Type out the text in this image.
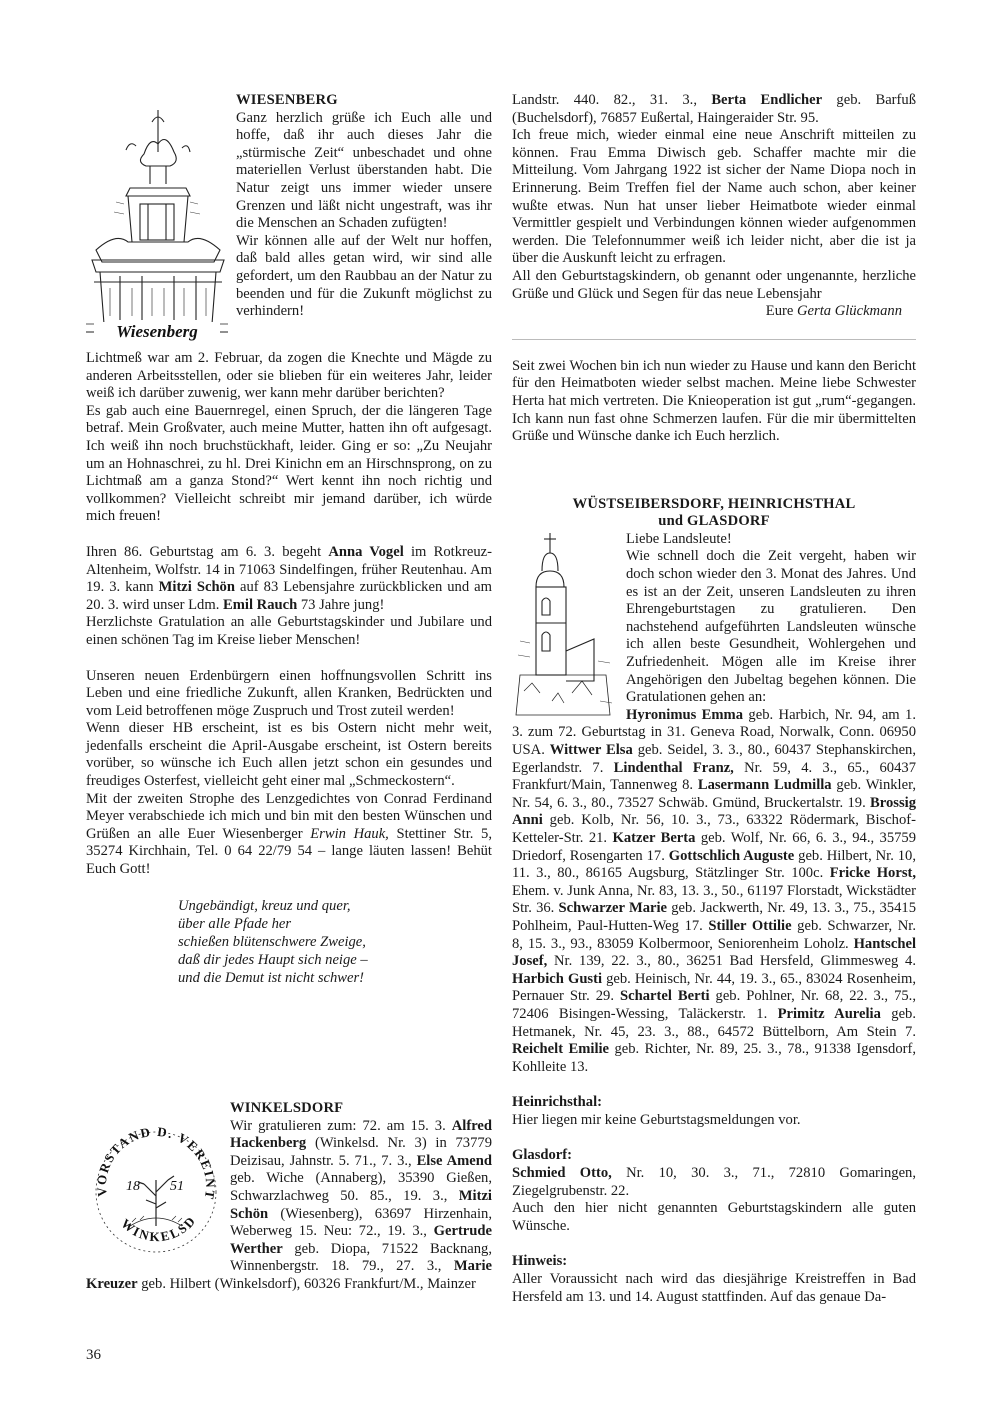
Wiesenberg

WIESENBERG

Ganz herzlich grüße ich Euch alle und hoffe, daß ihr auch dieses Jahr die „stürmische Zeit“ unbeschadet und ohne materiellen Verlust überstanden habt. Die Natur zeigt uns immer wieder unsere Grenzen und läßt nicht ungestraft, was ihr die Menschen an Schaden zufügten!

Wir können alle auf der Welt nur hoffen, daß bald alles getan wird, wir sind alle gefordert, um den Raubbau an der Natur zu beenden und für die Zukunft möglichst zu verhindern!

Lichtmeß war am 2. Februar, da zogen die Knechte und Mägde zu anderen Arbeitsstellen, oder sie blieben für ein weiteres Jahr, leider weiß ich darüber zuwenig, wer kann mehr darüber berichten?

Es gab auch eine Bauernregel, einen Spruch, der die längeren Tage betraf. Mein Großvater, auch meine Mutter, hatten ihn oft aufgesagt. Ich weiß ihn noch bruchstückhaft, leider. Ging er so: „Zu Neujahr um an Hohnaschrei, zu hl. Drei Kinichn em an Hirschnsprong, on zu Lichtmaß am a ganza Stond?“ Wert kennt ihn noch richtig und vollkommen? Vielleicht schreibt mir jemand darüber, ich würde mich freuen!

Ihren 86. Geburtstag am 6. 3. begeht Anna Vogel im Rotkreuz-Altenheim, Wolfstr. 14 in 71063 Sindelfingen, früher Reutenhau. Am 19. 3. kann Mitzi Schön auf 83 Lebensjahre zurückblicken und am 20. 3. wird unser Ldm. Emil Rauch 73 Jahre jung!

Herzlichste Gratulation an alle Geburtstagskinder und Jubilare und einen schönen Tag im Kreise lieber Menschen!

Unseren neuen Erdenbürgern einen hoffnungsvollen Schritt ins Leben und eine friedliche Zukunft, allen Kranken, Bedrückten und vom Leid betroffenen möge Zuspruch und Trost zuteil werden!

Wenn dieser HB erscheint, ist es bis Ostern nicht mehr weit, jedenfalls erscheint die April-Ausgabe erscheint, ist Ostern bereits vorüber, so wünsche ich Euch allen jetzt schon ein gesundes und freudiges Osterfest, vielleicht geht einer mal „Schmeckostern“.

Mit der zweiten Strophe des Lenzgedichtes von Conrad Ferdinand Meyer verabschiede ich mich und bin mit den besten Wünschen und Grüßen an alle Euer Wiesenberger Erwin Hauk, Stettiner Str. 5, 35274 Kirchhain, Tel. 0 64 22/79 54 – lange läuten lassen! Behüt Euch Gott!

Ungebändigt, kreuz und quer,

über alle Pfade her

schießen blütenschwere Zweige,

daß dir jedes Haupt sich neige –

und die Demut ist nicht schwer!

VORSTAND D. VEREINT
WINKELSD
18 51

WINKELSDORF

Wir gratulieren zum: 72. am 15. 3. Alfred Hackenberg (Winkelsd. Nr. 3) in 73779 Deizisau, Jahnstr. 5. 71., 7. 3., Else Amend geb. Wiche (Annaberg), 35390 Gießen, Schwarzlachweg 50. 85., 19. 3., Mitzi Schön (Wiesenberg), 63697 Hirzenhain, Weberweg 15. Neu: 72., 19. 3., Gertrude Werther geb. Diopa, 71522 Backnang, Winnenbergstr. 18. 79., 27. 3., Marie Kreuzer geb. Hilbert (Winkelsdorf), 60326 Frankfurt/M., Mainzer

36

Landstr. 440. 82., 31. 3., Berta Endlicher geb. Barfuß (Buchelsdorf), 76857 Eußertal, Haingeraider Str. 95.

Ich freue mich, wieder einmal eine neue Anschrift mitteilen zu können. Frau Emma Diwisch geb. Schaffer machte mir die Mitteilung. Vom Jahrgang 1922 ist sicher der Name Diopa noch in Erinnerung. Beim Treffen fiel der Name auch schon, aber keiner wußte etwas. Nun hat unser lieber Heimatbote wieder einmal Vermittler gespielt und Verbindungen können wieder aufgenommen werden. Die Telefonnummer weiß ich leider nicht, aber die ist ja über die Auskunft leicht zu erfragen.

All den Geburtstagskindern, ob genannt oder ungenannte, herzliche Grüße und Glück und Segen für das neue Lebensjahr

Eure Gerta Glückmann

Seit zwei Wochen bin ich nun wieder zu Hause und kann den Bericht für den Heimatboten wieder selbst machen. Meine liebe Schwester Herta hat mich vertreten. Die Knieoperation ist gut „rum“-gegangen. Ich kann nun fast ohne Schmerzen laufen. Für die mir übermittelten Grüße und Wünsche danke ich Euch herzlich.

WÜSTSEIBERSDORF, HEINRICHSTHAL

und GLASDORF

Liebe Landsleute!

Wie schnell doch die Zeit vergeht, haben wir doch schon wieder den 3. Monat des Jahres. Und es ist an der Zeit, unseren Landsleuten zu ihren Ehrengeburtstagen zu gratulieren. Den nachstehend aufgeführten Landsleuten wünsche ich allen beste Gesundheit, Wohlergehen und Zufriedenheit. Mögen alle im Kreise ihrer Angehörigen den Jubeltag begehen können. Die Gratulationen gehen an:

Hyronimus Emma geb. Harbich, Nr. 94, am 1. 3. zum 72. Geburtstag in 31. Geneva Road, Norwalk, Conn. 06950 USA. Wittwer Elsa geb. Seidel, 3. 3., 80., 60437 Stephanskirchen, Egerlandstr. 7. Lindenthal Franz, Nr. 59, 4. 3., 65., 60437 Frankfurt/Main, Tannenweg 8. Lasermann Ludmilla geb. Winkler, Nr. 54, 6. 3., 80., 73527 Schwäb. Gmünd, Bruckertalstr. 19. Brossig Anni geb. Kolb, Nr. 56, 10. 3., 73., 63322 Rödermark, Bischof-Ketteler-Str. 21. Katzer Berta geb. Wolf, Nr. 66, 6. 3., 94., 35759 Driedorf, Rosengarten 17. Gottschlich Auguste geb. Hilbert, Nr. 10, 11. 3., 80., 86165 Augsburg, Stätzlinger Str. 100c. Fricke Horst, Ehem. v. Junk Anna, Nr. 83, 13. 3., 50., 61197 Florstadt, Wickstädter Str. 36. Schwarzer Marie geb. Jackwerth, Nr. 49, 13. 3., 75., 35415 Pohlheim, Paul-Hutten-Weg 17. Stiller Ottilie geb. Schwarzer, Nr. 8, 15. 3., 93., 83059 Kolbermoor, Seniorenheim Loholz. Hantschel Josef, Nr. 139, 22. 3., 80., 36251 Bad Hersfeld, Glimmesweg 4. Harbich Gusti geb. Heinisch, Nr. 44, 19. 3., 65., 83024 Rosenheim, Pernauer Str. 29. Schartel Berti geb. Pohlner, Nr. 68, 22. 3., 75., 72406 Bisingen-Wessing, Taläckerstr. 1. Primitz Aurelia geb. Hetmanek, Nr. 45, 23. 3., 88., 64572 Büttelborn, Am Stein 7. Reichelt Emilie geb. Richter, Nr. 89, 25. 3., 78., 91338 Igensdorf, Kohlleite 13.

Heinrichsthal:

Hier liegen mir keine Geburtstagsmeldungen vor.

Glasdorf:

Schmied Otto, Nr. 10, 30. 3., 71., 72810 Gomaringen, Ziegelgrubenstr. 22.

Auch den hier nicht genannten Geburtstagskindern alle guten Wünsche.

Hinweis:

Aller Voraussicht nach wird das diesjährige Kreistreffen in Bad Hersfeld am 13. und 14. August stattfinden. Auf das genaue Da-
